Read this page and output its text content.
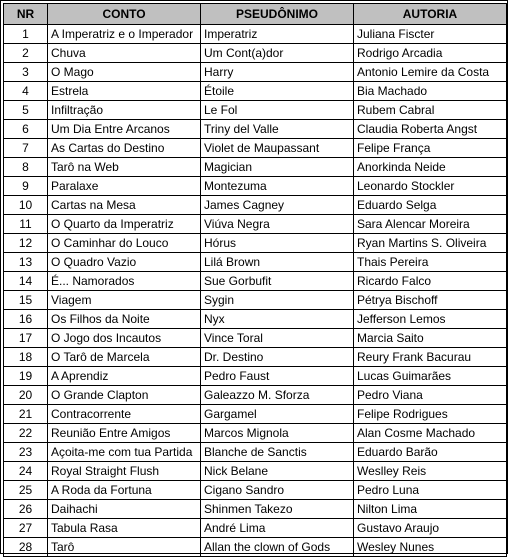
NR	CONTO	PSEUDÔNIMO	AUTORIA
1	A Imperatriz e o Imperador	Imperatriz	Juliana Fiscter
2	Chuva	Um Cont(a)dor	Rodrigo Arcadia
3	O Mago	Harry	Antonio Lemire da Costa
4	Estrela	Étoile	Bia Machado
5	Infiltração	Le Fol	Rubem Cabral
6	Um Dia Entre Arcanos	Triny del Valle	Claudia Roberta Angst
7	As Cartas do Destino	Violet de Maupassant	Felipe França
8	Tarô na Web	Magician	Anorkinda Neide
9	Paralaxe	Montezuma	Leonardo Stockler
10	Cartas na Mesa	James Cagney	Eduardo Selga
11	O Quarto da Imperatriz	Viúva Negra	Sara Alencar Moreira
12	O Caminhar do Louco	Hórus	Ryan Martins S. Oliveira
13	O Quadro Vazio	Lilá Brown	Thais Pereira
14	É... Namorados	Sue Gorbufit	Ricardo Falco
15	Viagem	Sygin	Pétrya Bischoff
16	Os Filhos da Noite	Nyx	Jefferson Lemos
17	O Jogo dos Incautos	Vince Toral	Marcia Saito
18	O Tarô de Marcela	Dr. Destino	Reury Frank Bacurau
19	A Aprendiz	Pedro Faust	Lucas Guimarães
20	O Grande Clapton	Galeazzo M. Sforza	Pedro Viana
21	Contracorrente	Gargamel	Felipe Rodrigues
22	Reunião Entre Amigos	Marcos Mignola	Alan Cosme Machado
23	Açoita-me com tua Partida	Blanche de Sanctis	Eduardo Barão
24	Royal Straight Flush	Nick Belane	Weslley Reis
25	A Roda da Fortuna	Cigano Sandro	Pedro Luna
26	Daihachi	Shinmen Takezo	Nilton Lima
27	Tabula Rasa	André Lima	Gustavo Araujo
28	Tarô	Allan the clown of Gods	Wesley Nunes
